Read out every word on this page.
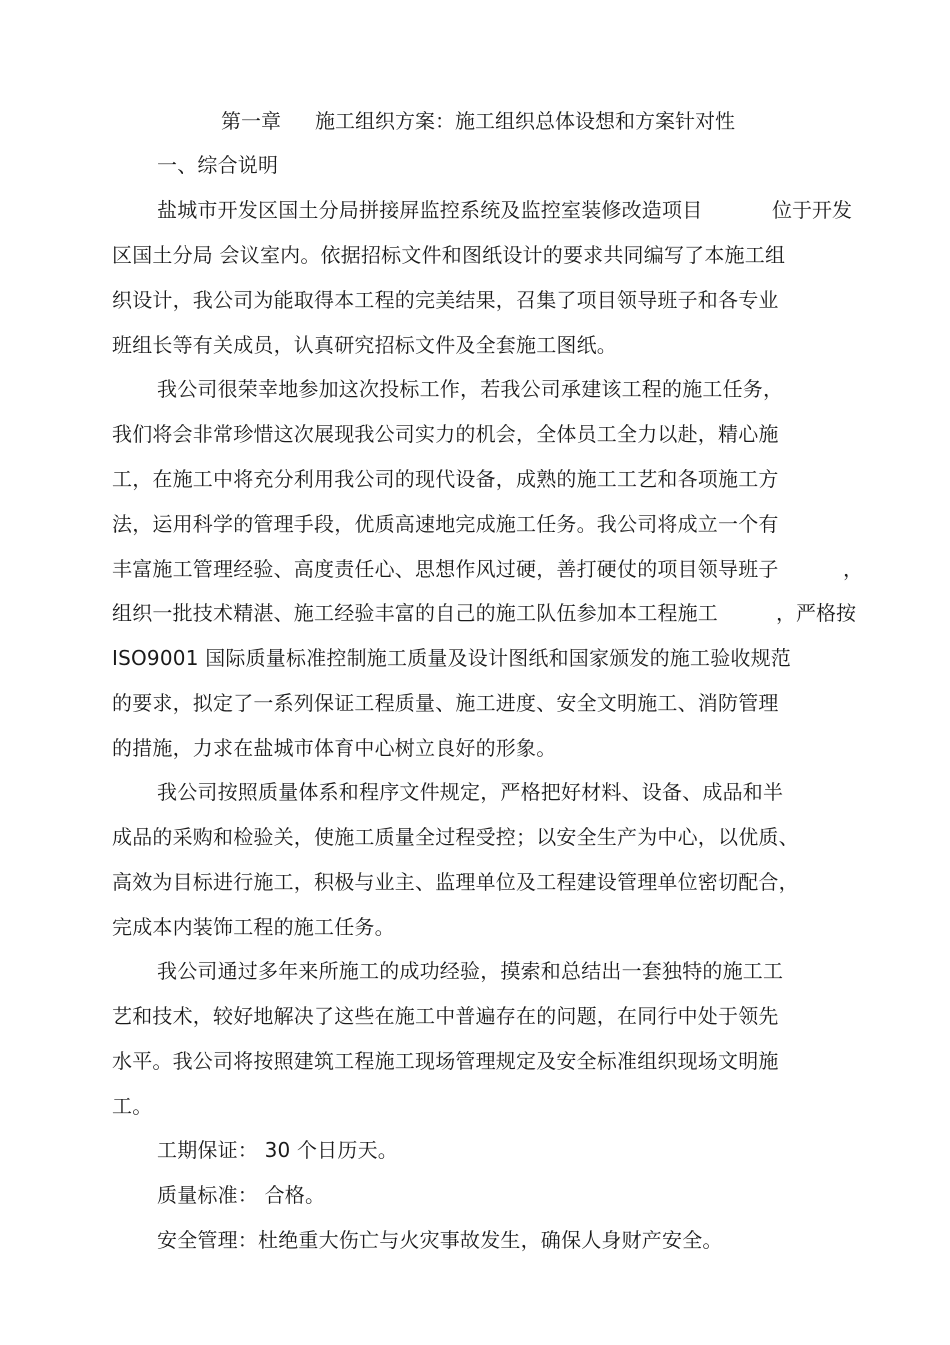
第一章 施工组织方案：施工组织总体设想和方案针对性
一、综合说明
盐城市开发区国土分局拼接屏监控系统及监控室装修改造项目	位于开发
区国土分局 会议室内。依据招标文件和图纸设计的要求共同编写了本施工组
织设计，我公司为能取得本工程的完美结果，召集了项目领导班子和各专业
班组长等有关成员，认真研究招标文件及全套施工图纸。
我公司很荣幸地参加这次投标工作，若我公司承建该工程的施工任务，
我们将会非常珍惜这次展现我公司实力的机会，全体员工全力以赴，精心施
工，在施工中将充分利用我公司的现代设备，成熟的施工工艺和各项施工方
法，运用科学的管理手段，优质高速地完成施工任务。我公司将成立一个有
丰富施工管理经验、高度责任心、思想作风过硬，善打硬仗的项目领导班子	，
组织一批技术精湛、施工经验丰富的自己的施工队伍参加本工程施工	，严格按
ISO9001 国际质量标准控制施工质量及设计图纸和国家颁发的施工验收规范
的要求，拟定了一系列保证工程质量、施工进度、安全文明施工、消防管理
的措施，力求在盐城市体育中心树立良好的形象。
我公司按照质量体系和程序文件规定，严格把好材料、设备、成品和半
成品的采购和检验关，使施工质量全过程受控；以安全生产为中心，以优质、
高效为目标进行施工，积极与业主、监理单位及工程建设管理单位密切配合，
完成本内装饰工程的施工任务。
我公司通过多年来所施工的成功经验，摸索和总结出一套独特的施工工
艺和技术，较好地解决了这些在施工中普遍存在的问题，在同行中处于领先
水平。我公司将按照建筑工程施工现场管理规定及安全标准组织现场文明施
工。
工期保证： 30 个日历天。
质量标准： 合格。
安全管理：杜绝重大伤亡与火灾事故发生，确保人身财产安全。
